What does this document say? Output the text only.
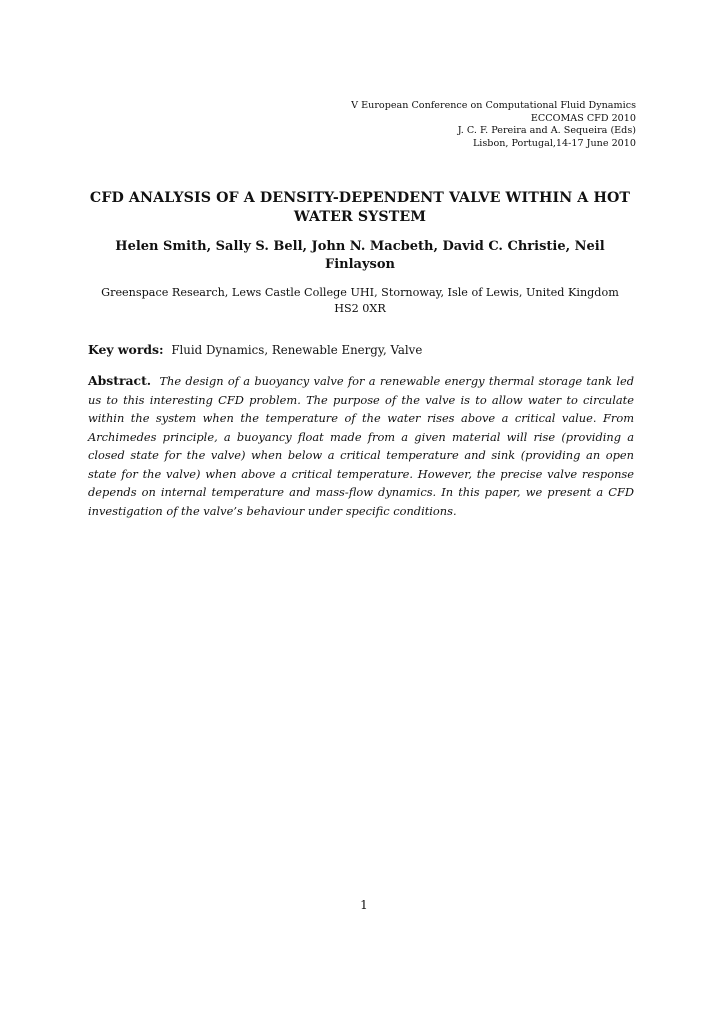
V European Conference on Computational Fluid Dynamics
ECCOMAS CFD 2010
J. C. F. Pereira and A. Sequeira (Eds)
Lisbon, Portugal,14-17 June 2010
CFD ANALYSIS OF A DENSITY-DEPENDENT VALVE WITHIN A HOT
WATER SYSTEM
Helen Smith, Sally S. Bell, John N. Macbeth, David C. Christie, Neil
Finlayson
Greenspace Research, Lews Castle College UHI, Stornoway, Isle of Lewis, United Kingdom
HS2 0XR
Key words: Fluid Dynamics, Renewable Energy, Valve
Abstract. The design of a buoyancy valve for a renewable energy thermal storage tank led us to this interesting CFD problem. The purpose of the valve is to allow water to circulate within the system when the temperature of the water rises above a critical value. From Archimedes principle, a buoyancy float made from a given material will rise (providing a closed state for the valve) when below a critical temperature and sink (providing an open state for the valve) when above a critical temperature. However, the precise valve response depends on internal temperature and mass-flow dynamics. In this paper, we present a CFD investigation of the valve’s behaviour under specific conditions.
1
